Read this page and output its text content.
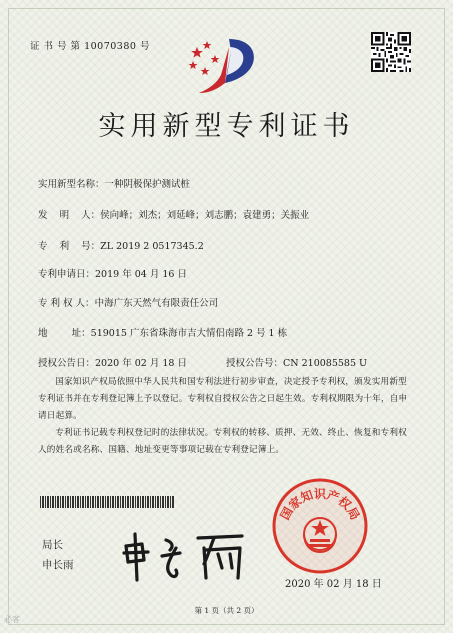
证 书 号 第 10070380 号
实用新型专利证书
实用新型名称：一种阴极保护测试桩
发    明    人：侯向峰；刘杰；刘延峰；刘志鹏；袁建勇；关振业
专    利    号：ZL 2019 2 0517345.2
专利申请日：2019 年 04 月 16 日
专 利 权 人：中海广东天然气有限责任公司
地        址：519015 广东省珠海市吉大情侣南路 2 号 1 栋
授权公告日：2020 年 02 月 18 日	授权公告号：CN 210085585 U
国家知识产权局依照中华人民共和国专利法进行初步审查，决定授予专利权，颁发实用新型专利证书并在专利登记簿上予以登记。专利权自授权公告之日起生效。专利权期限为十年，自申请日起算。
专利证书记载专利权登记时的法律状况。专利权的转移、质押、无效、终止、恢复和专利权人的姓名或名称、国籍、地址变更等事项记载在专利登记簿上。
局长
申长雨
国家知识产权局
2020 年 02 月 18 日
第 1 页（共 2 页）
必客
